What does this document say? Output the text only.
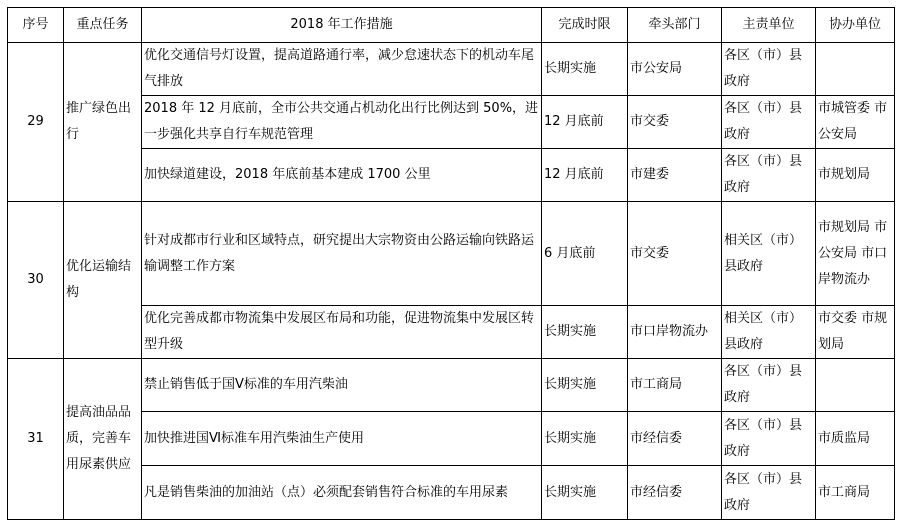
序号	重点任务	2018 年工作措施	完成时限	牵头部门	主责单位	协办单位
29	推广绿色出行	优化交通信号灯设置，提高道路通行率，减少怠速状态下的机动车尾气排放	长期实施	市公安局	各区（市）县政府	
		2018 年 12 月底前，全市公共交通占机动化出行比例达到 50%，进一步强化共享自行车规范管理	12 月底前	市交委	各区（市）县政府	市城管委 市公安局
		加快绿道建设，2018 年底前基本建成 1700 公里	12 月底前	市建委	各区（市）县政府	市规划局
30	优化运输结构	针对成都市行业和区域特点，研究提出大宗物资由公路运输向铁路运输调整工作方案	6 月底前	市交委	相关区（市）县政府	市规划局 市公安局 市口岸物流办
		优化完善成都市物流集中发展区布局和功能，促进物流集中发展区转型升级	长期实施	市口岸物流办	相关区（市）县政府	市交委 市规划局
31	提高油品品质，完善车用尿素供应	禁止销售低于国Ⅴ标准的车用汽柴油	长期实施	市工商局	各区（市）县政府	
		加快推进国Ⅵ标准车用汽柴油生产使用	长期实施	市经信委	各区（市）县政府	市质监局
		凡是销售柴油的加油站（点）必须配套销售符合标准的车用尿素	长期实施	市经信委	各区（市）县政府	市工商局
